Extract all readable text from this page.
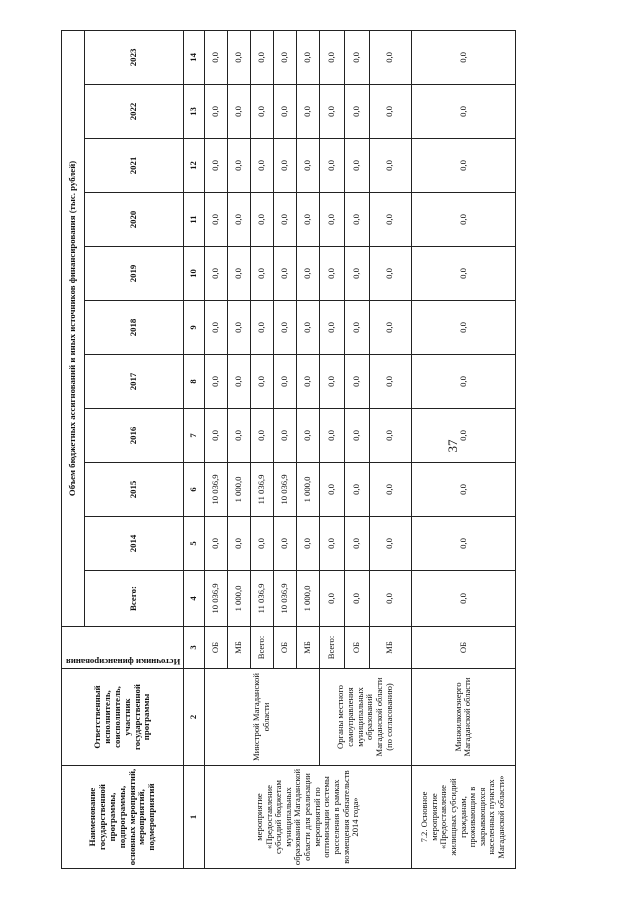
37
Наименование государственной программы, подпрограммы, основных мероприятий, мероприятий, подмероприятий	Ответственный исполнитель, соисполнитель, участник государственной программы	Источники финансирования	Объем бюджетных ассигнований и иных источников финансирования (тыс. рублей)										
			Всего:	2014	2015	2016	2017	2018	2019	2020	2021	2022	2023
1	2	3	4	5	6	7	8	9	10	11	12	13	14
мероприятие «Предоставление субсидий бюджетам муниципальных образований Магаданской области для реализации мероприятий по оптимизации системы расселения в рамках возмещения обязательств 2014 года»	Минстрой Магаданской области	ОБ	10 036,9	0,0	10 036,9	0,0	0,0	0,0	0,0	0,0	0,0	0,0	0,0
		МБ	1 000,0	0,0	1 000,0	0,0	0,0	0,0	0,0	0,0	0,0	0,0	0,0
		Всего:	11 036,9	0,0	11 036,9	0,0	0,0	0,0	0,0	0,0	0,0	0,0	0,0
		ОБ	10 036,9	0,0	10 036,9	0,0	0,0	0,0	0,0	0,0	0,0	0,0	0,0
		МБ	1 000,0	0,0	1 000,0	0,0	0,0	0,0	0,0	0,0	0,0	0,0	0,0
	Органы местного самоуправления муниципальных образований Магаданской области (по согласованию)	Всего:	0,0	0,0	0,0	0,0	0,0	0,0	0,0	0,0	0,0	0,0	0,0
		ОБ	0,0	0,0	0,0	0,0	0,0	0,0	0,0	0,0	0,0	0,0	0,0
		МБ	0,0	0,0	0,0	0,0	0,0	0,0	0,0	0,0	0,0	0,0	0,0
7.2. Основное мероприятие «Предоставление жилищных субсидий гражданам, проживающим в закрывающихся населенных пунктах Магаданской области»	Минжилкомэнерго Магаданской области	ОБ	0,0	0,0	0,0	0,0	0,0	0,0	0,0	0,0	0,0	0,0	0,0
